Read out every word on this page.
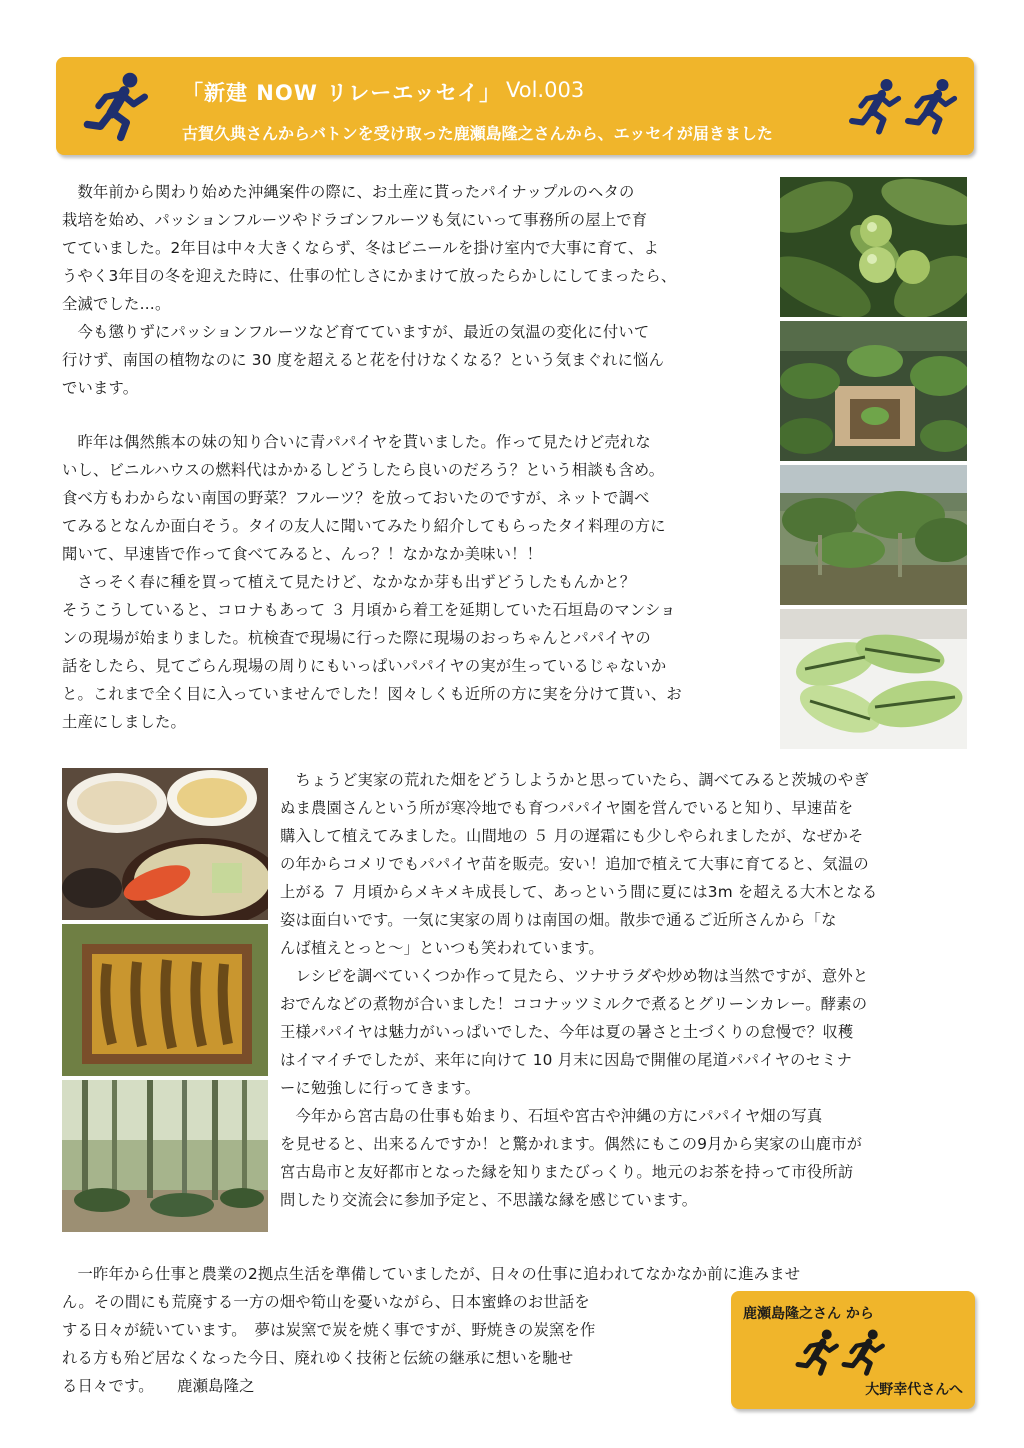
「新建 NOW リレーエッセイ」 Vol.003
古賀久典さんからバトンを受け取った鹿瀬島隆之さんから、エッセイが届きました

　数年前から関わり始めた沖縄案件の際に、お土産に貰ったパイナップルのヘタの
栽培を始め、パッションフルーツやドラゴンフルーツも気にいって事務所の屋上で育
てていました。2年目は中々大きくならず、冬はビニールを掛け室内で大事に育て、よ
うやく3年目の冬を迎えた時に、仕事の忙しさにかまけて放ったらかしにしてまったら、
全滅でした…。
　今も懲りずにパッションフルーツなど育てていますが、最近の気温の変化に付いて
行けず、南国の植物なのに 30 度を超えると花を付けなくなる？という気まぐれに悩ん
でいます。

　昨年は偶然熊本の妹の知り合いに青パパイヤを貰いました。作って見たけど売れな
いし、ビニルハウスの燃料代はかかるしどうしたら良いのだろう？という相談も含め。
食べ方もわからない南国の野菜？フルーツ？を放っておいたのですが、ネットで調べ
てみるとなんか面白そう。タイの友人に聞いてみたり紹介してもらったタイ料理の方に
聞いて、早速皆で作って食べてみると、んっ？！なかなか美味い！！
　さっそく春に種を買って植えて見たけど、なかなか芽も出ずどうしたもんかと？
そうこうしていると、コロナもあって ３ 月頃から着工を延期していた石垣島のマンショ
ンの現場が始まりました。杭検査で現場に行った際に現場のおっちゃんとパパイヤの
話をしたら、見てごらん現場の周りにもいっぱいパパイヤの実が生っているじゃないか
と。これまで全く目に入っていませんでした！図々しくも近所の方に実を分けて貰い、お
土産にしました。

　ちょうど実家の荒れた畑をどうしようかと思っていたら、調べてみると茨城のやぎ
ぬま農園さんという所が寒冷地でも育つパパイヤ園を営んでいると知り、早速苗を
購入して植えてみました。山間地の ５ 月の遅霜にも少しやられましたが、なぜかそ
の年からコメリでもパパイヤ苗を販売。安い！追加で植えて大事に育てると、気温の
上がる ７ 月頃からメキメキ成長して、あっという間に夏には3m を超える大木となる
姿は面白いです。一気に実家の周りは南国の畑。散歩で通るご近所さんから「な
んば植えとっと～」といつも笑われています。
　レシピを調べていくつか作って見たら、ツナサラダや炒め物は当然ですが、意外と
おでんなどの煮物が合いました！ココナッツミルクで煮るとグリーンカレー。酵素の
王様パパイヤは魅力がいっぱいでした、今年は夏の暑さと土づくりの怠慢で？収穫
はイマイチでしたが、来年に向けて 10 月末に因島で開催の尾道パパイヤのセミナ
ーに勉強しに行ってきます。
　今年から宮古島の仕事も始まり、石垣や宮古や沖縄の方にパパイヤ畑の写真
を見せると、出来るんですか！と驚かれます。偶然にもこの9月から実家の山鹿市が
宮古島市と友好都市となった縁を知りまたびっくり。地元のお茶を持って市役所訪
問したり交流会に参加予定と、不思議な縁を感じています。

　一昨年から仕事と農業の2拠点生活を準備していましたが、日々の仕事に追われてなかなか前に進みませ
ん。その間にも荒廃する一方の畑や筍山を憂いながら、日本蜜蜂のお世話を

する日々が続いています。　夢は炭窯で炭を焼く事ですが、野焼きの炭窯を作
れる方も殆ど居なくなった今日、廃れゆく技術と伝統の継承に想いを馳せ
る日々です。　　鹿瀬島隆之

鹿瀬島隆之さん から
大野幸代さんへ
